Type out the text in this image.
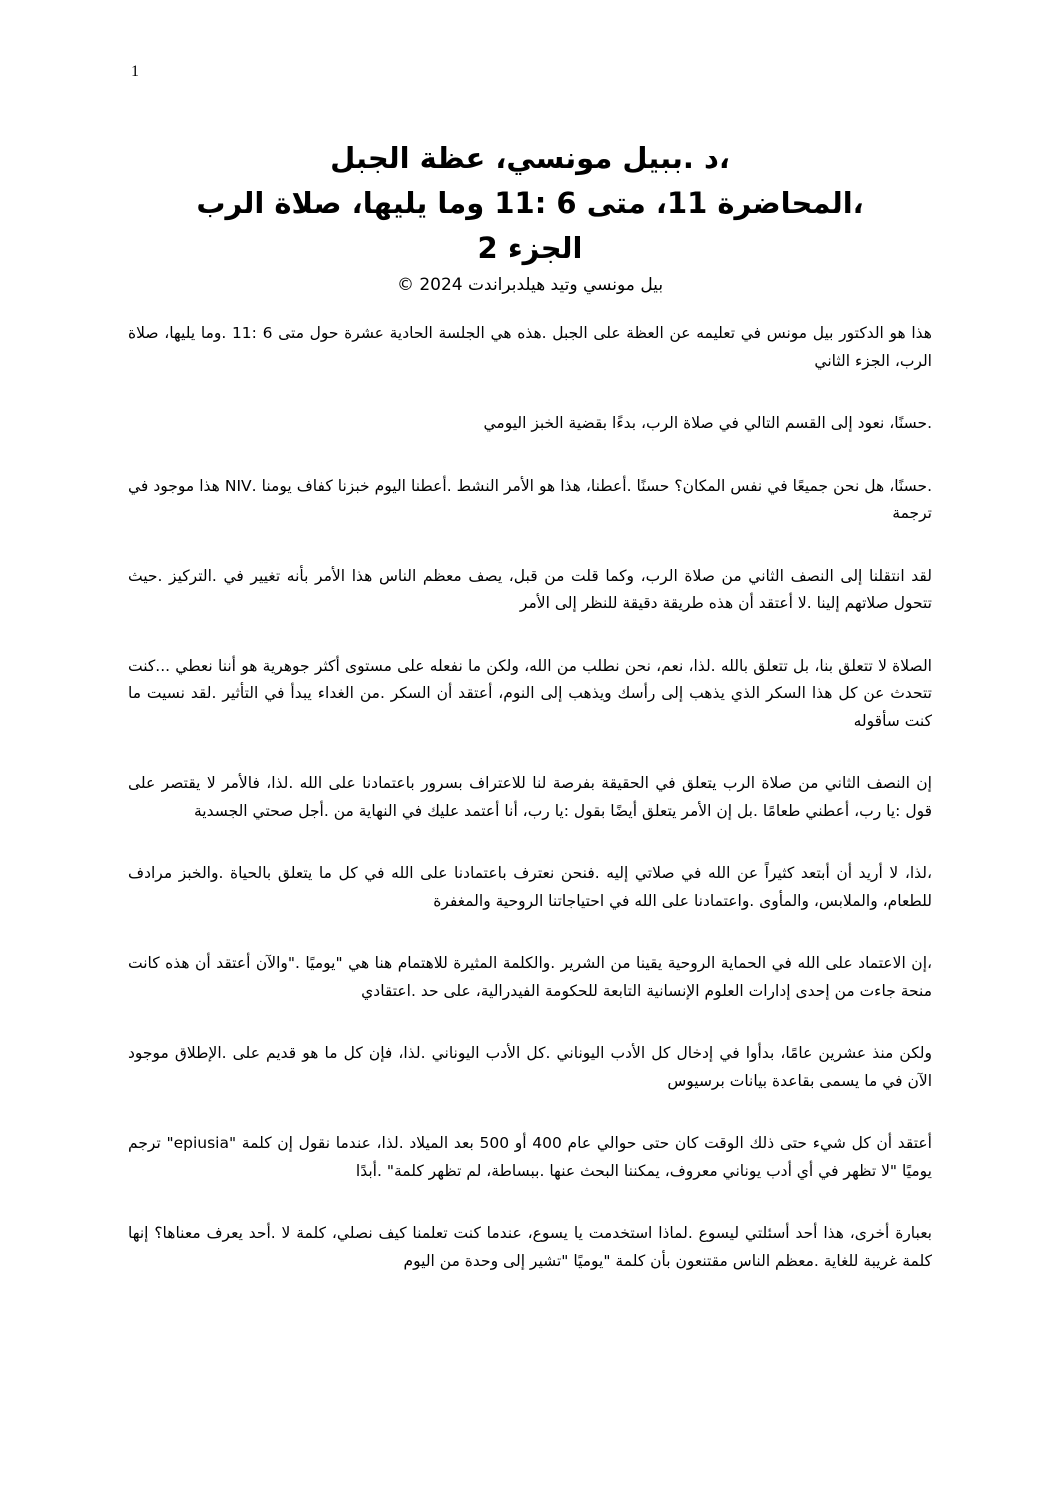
1
،د .ببيل مونسي، عظة الجبل
،المحاضرة 11، متى 6 :11 وما يليها، صلاة الرب
الجزء 2
بيل مونسي وتيد هيلدبراندت 2024 ©

هذا هو الدكتور بيل مونس في تعليمه عن العظة على الجبل .هذه هي الجلسة الحادية عشرة حول متى 6 :11 .وما يليها، صلاة الرب، الجزء الثاني

.حسنًا، نعود إلى القسم التالي في صلاة الرب، بدءًا بقضية الخبز اليومي

.حسنًا، هل نحن جميعًا في نفس المكان؟ حسنًا .أعطنا، هذا هو الأمر النشط .أعطنا اليوم خبزنا كفاف يومنا .NIV هذا موجود في ترجمة

لقد انتقلنا إلى النصف الثاني من صلاة الرب، وكما قلت من قبل، يصف معظم الناس هذا الأمر بأنه تغيير في .التركيز .حيث تتحول صلاتهم إلينا .لا أعتقد أن هذه طريقة دقيقة للنظر إلى الأمر

الصلاة لا تتعلق بنا، بل تتعلق بالله .لذا، نعم، نحن نطلب من الله، ولكن ما نفعله على مستوى أكثر جوهرية هو أننا نعطي ...كنت تتحدث عن كل هذا السكر الذي يذهب إلى رأسك ويذهب إلى النوم، أعتقد أن السكر .من الغداء يبدأ في التأثير .لقد نسيت ما كنت سأقوله

إن النصف الثاني من صلاة الرب يتعلق في الحقيقة بفرصة لنا للاعتراف بسرور باعتمادنا على الله .لذا، فالأمر لا يقتصر على قول :يا رب، أعطني طعامًا .بل إن الأمر يتعلق أيضًا بقول :يا رب، أنا أعتمد عليك في النهاية من .أجل صحتي الجسدية

،لذا، لا أريد أن أبتعد كثيراً عن الله في صلاتي إليه .فنحن نعترف باعتمادنا على الله في كل ما يتعلق بالحياة .والخبز مرادف للطعام، والملابس، والمأوى .واعتمادنا على الله في احتياجاتنا الروحية والمغفرة

،إن الاعتماد على الله في الحماية الروحية يقينا من الشرير .والكلمة المثيرة للاهتمام هنا هي "يوميًا ."والآن أعتقد أن هذه كانت منحة جاءت من إحدى إدارات العلوم الإنسانية التابعة للحكومة الفيدرالية، على حد .اعتقادي

ولكن منذ عشرين عامًا، بدأوا في إدخال كل الأدب اليوناني .كل الأدب اليوناني .لذا، فإن كل ما هو قديم على .الإطلاق موجود الآن في ما يسمى بقاعدة بيانات برسيوس

أعتقد أن كل شيء حتى ذلك الوقت كان حتى حوالي عام 400 أو 500 بعد الميلاد .لذا، عندما نقول إن كلمة "epiusia" ترجم يوميًا "لا تظهر في أي أدب يوناني معروف، يمكننا البحث عنها .ببساطة، لم تظهر كلمة" .أبدًا

بعبارة أخرى، هذا أحد أسئلتي ليسوع .لماذا استخدمت يا يسوع، عندما كنت تعلمنا كيف نصلي، كلمة لا .أحد يعرف معناها؟ إنها كلمة غريبة للغاية .معظم الناس مقتنعون بأن كلمة "يوميًا "تشير إلى وحدة من اليوم
